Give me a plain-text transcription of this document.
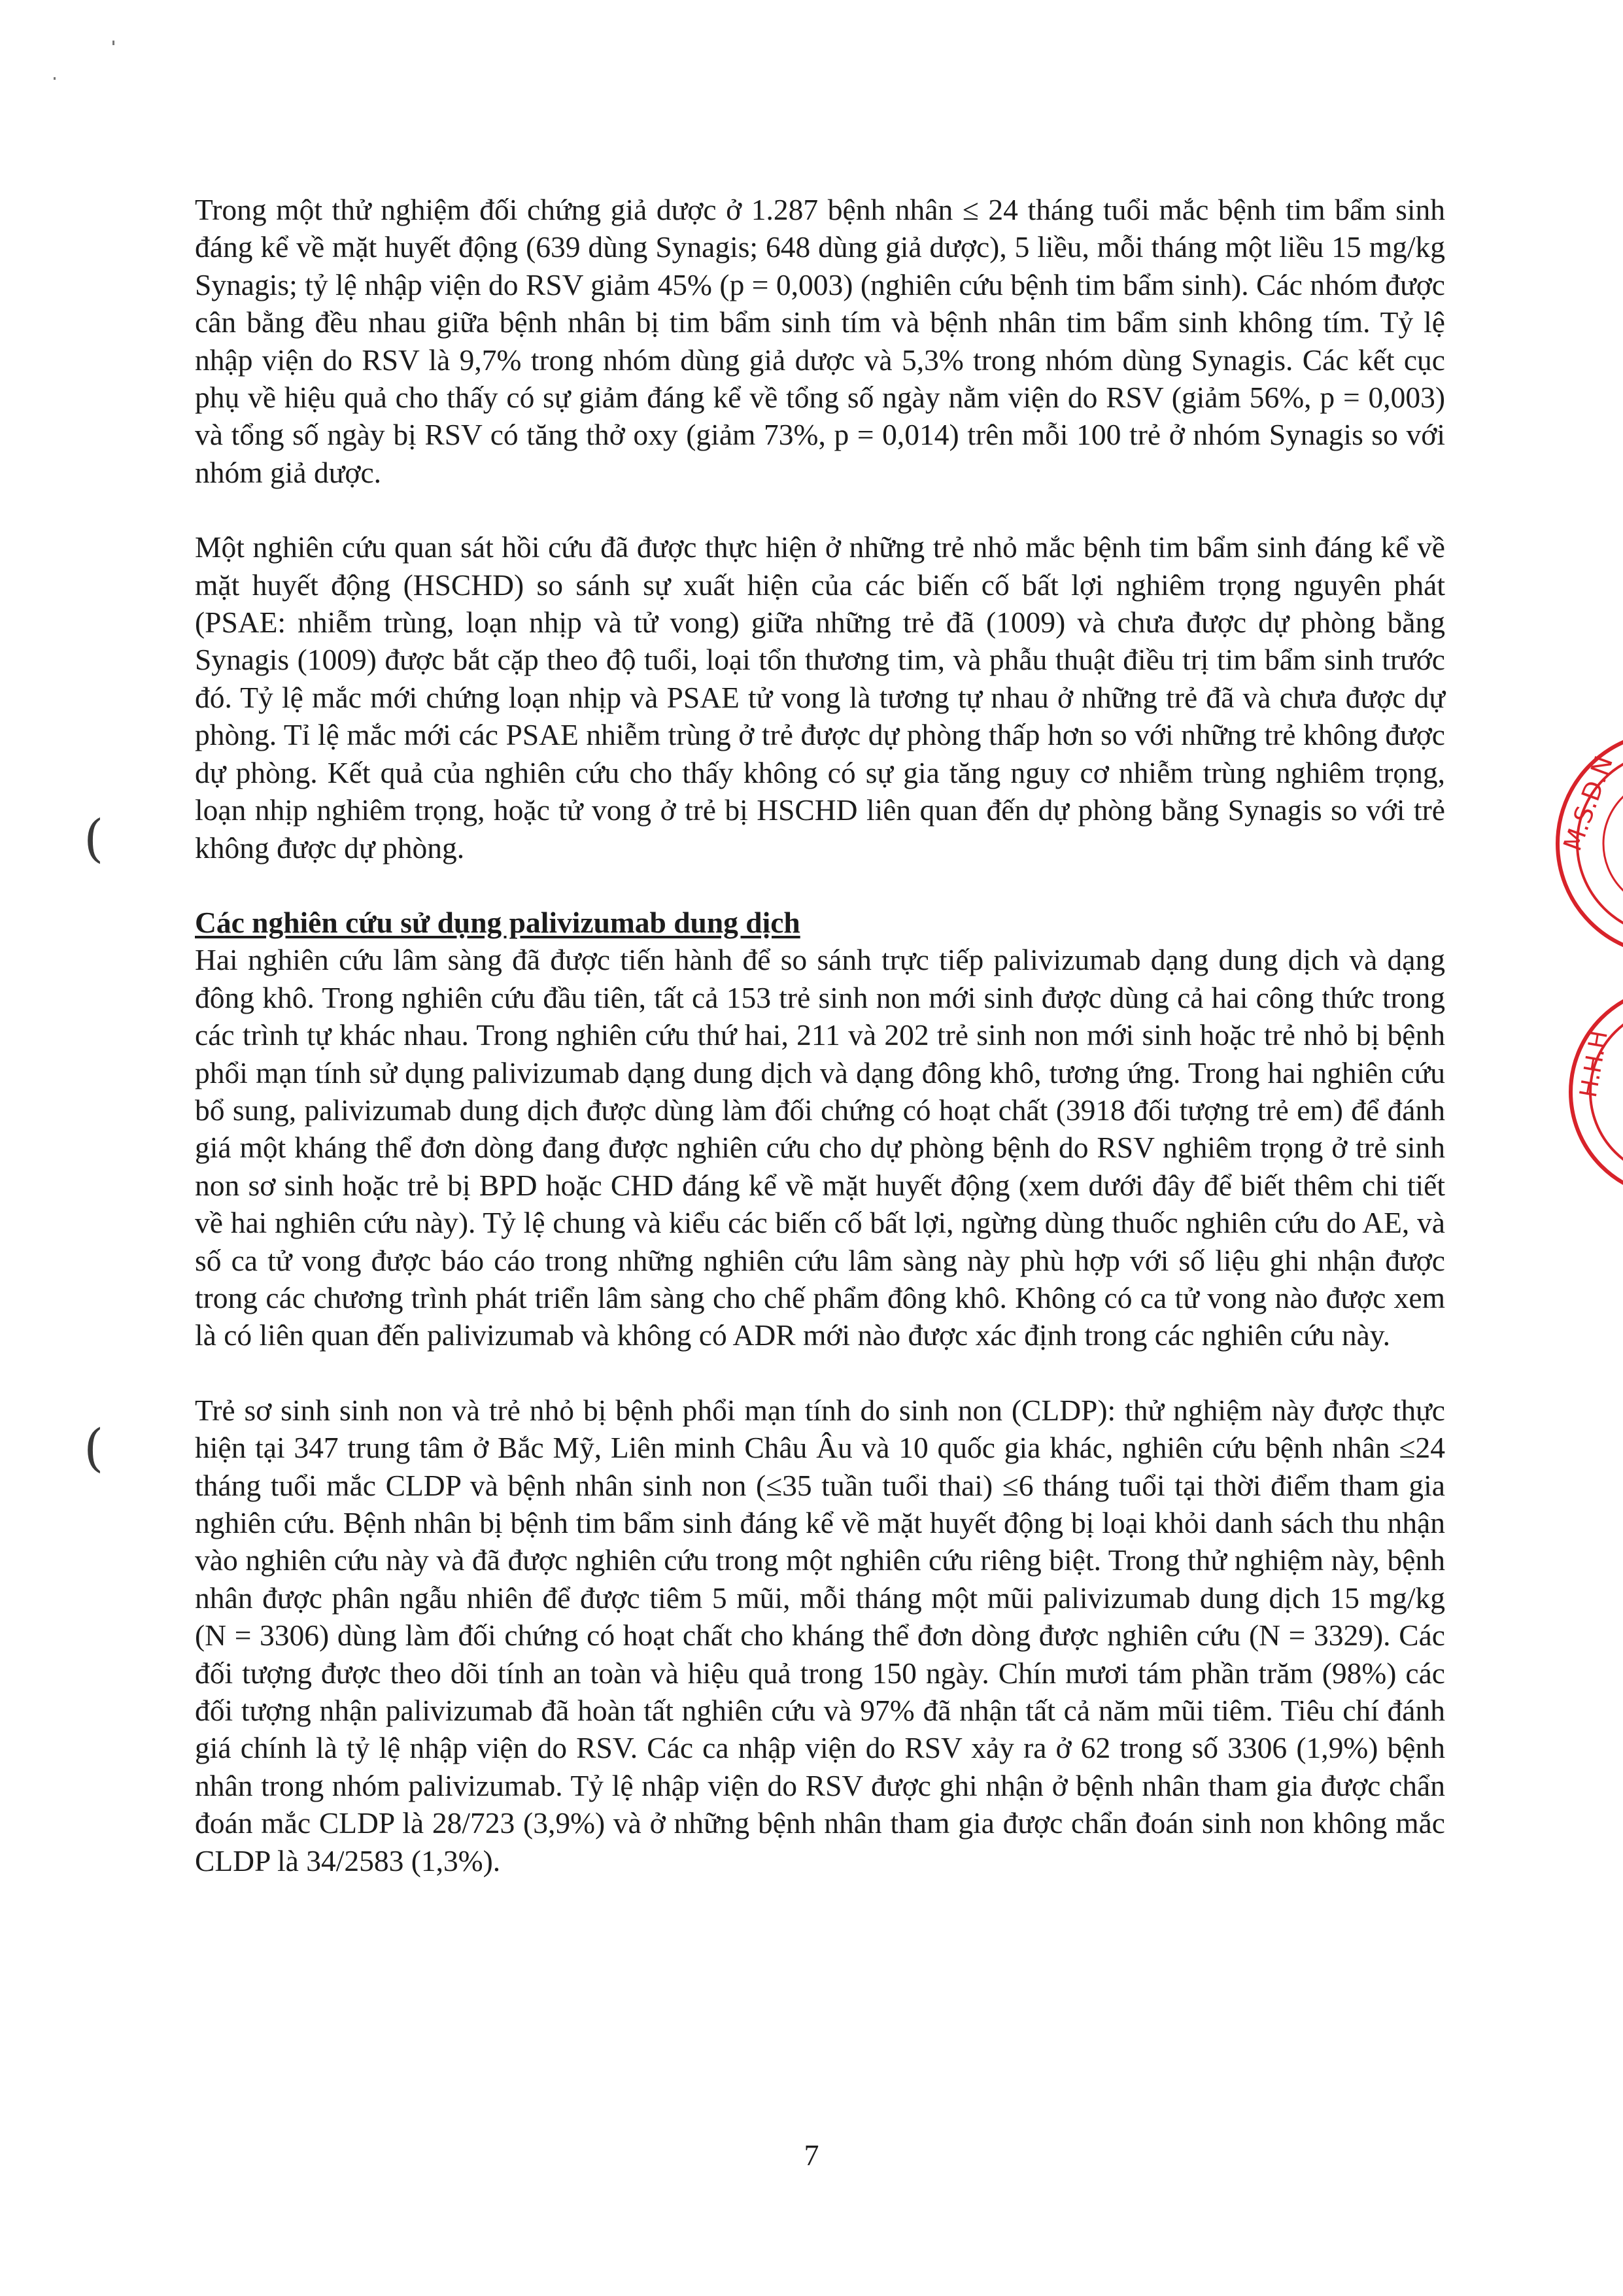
(
(
M.S.D.N
H.H.H

Trong một thử nghiệm đối chứng giả dược ở 1.287 bệnh nhân ≤ 24 tháng tuổi mắc bệnh tim bẩm sinh đáng kể về mặt huyết động (639 dùng Synagis; 648 dùng giả dược), 5 liều, mỗi tháng một liều 15 mg/kg Synagis; tỷ lệ nhập viện do RSV giảm 45% (p = 0,003) (nghiên cứu bệnh tim bẩm sinh). Các nhóm được cân bằng đều nhau giữa bệnh nhân bị tim bẩm sinh tím và bệnh nhân tim bẩm sinh không tím. Tỷ lệ nhập viện do RSV là 9,7% trong nhóm dùng giả dược và 5,3% trong nhóm dùng Synagis. Các kết cục phụ về hiệu quả cho thấy có sự giảm đáng kể về tổng số ngày nằm viện do RSV (giảm 56%, p = 0,003) và tổng số ngày bị RSV có tăng thở oxy (giảm 73%, p = 0,014) trên mỗi 100 trẻ ở nhóm Synagis so với nhóm giả dược.

Một nghiên cứu quan sát hồi cứu đã được thực hiện ở những trẻ nhỏ mắc bệnh tim bẩm sinh đáng kể về mặt huyết động (HSCHD) so sánh sự xuất hiện của các biến cố bất lợi nghiêm trọng nguyên phát (PSAE: nhiễm trùng, loạn nhịp và tử vong) giữa những trẻ đã (1009) và chưa được dự phòng bằng Synagis (1009) được bắt cặp theo độ tuổi, loại tổn thương tim, và phẫu thuật điều trị tim bẩm sinh trước đó. Tỷ lệ mắc mới chứng loạn nhịp và PSAE tử vong là tương tự nhau ở những trẻ đã và chưa được dự phòng. Tỉ lệ mắc mới các PSAE nhiễm trùng ở trẻ được dự phòng thấp hơn so với những trẻ không được dự phòng. Kết quả của nghiên cứu cho thấy không có sự gia tăng nguy cơ nhiễm trùng nghiêm trọng, loạn nhịp nghiêm trọng, hoặc tử vong ở trẻ bị HSCHD liên quan đến dự phòng bằng Synagis so với trẻ không được dự phòng.

Các nghiên cứu sử dụng palivizumab dung dịch

Hai nghiên cứu lâm sàng đã được tiến hành để so sánh trực tiếp palivizumab dạng dung dịch và dạng đông khô. Trong nghiên cứu đầu tiên, tất cả 153 trẻ sinh non mới sinh được dùng cả hai công thức trong các trình tự khác nhau. Trong nghiên cứu thứ hai, 211 và 202 trẻ sinh non mới sinh hoặc trẻ nhỏ bị bệnh phổi mạn tính sử dụng palivizumab dạng dung dịch và dạng đông khô, tương ứng. Trong hai nghiên cứu bổ sung, palivizumab dung dịch được dùng làm đối chứng có hoạt chất (3918 đối tượng trẻ em) để đánh giá một kháng thể đơn dòng đang được nghiên cứu cho dự phòng bệnh do RSV nghiêm trọng ở trẻ sinh non sơ sinh hoặc trẻ bị BPD hoặc CHD đáng kể về mặt huyết động (xem dưới đây để biết thêm chi tiết về hai nghiên cứu này). Tỷ lệ chung và kiểu các biến cố bất lợi, ngừng dùng thuốc nghiên cứu do AE, và số ca tử vong được báo cáo trong những nghiên cứu lâm sàng này phù hợp với số liệu ghi nhận được trong các chương trình phát triển lâm sàng cho chế phẩm đông khô. Không có ca tử vong nào được xem là có liên quan đến palivizumab và không có ADR mới nào được xác định trong các nghiên cứu này.

Trẻ sơ sinh sinh non và trẻ nhỏ bị bệnh phổi mạn tính do sinh non (CLDP): thử nghiệm này được thực hiện tại 347 trung tâm ở Bắc Mỹ, Liên minh Châu Âu và 10 quốc gia khác, nghiên cứu bệnh nhân ≤24 tháng tuổi mắc CLDP và bệnh nhân sinh non (≤35 tuần tuổi thai) ≤6 tháng tuổi tại thời điểm tham gia nghiên cứu. Bệnh nhân bị bệnh tim bẩm sinh đáng kể về mặt huyết động bị loại khỏi danh sách thu nhận vào nghiên cứu này và đã được nghiên cứu trong một nghiên cứu riêng biệt. Trong thử nghiệm này, bệnh nhân được phân ngẫu nhiên để được tiêm 5 mũi, mỗi tháng một mũi palivizumab dung dịch 15 mg/kg (N = 3306) dùng làm đối chứng có hoạt chất cho kháng thể đơn dòng được nghiên cứu (N = 3329). Các đối tượng được theo dõi tính an toàn và hiệu quả trong 150 ngày. Chín mươi tám phần trăm (98%) các đối tượng nhận palivizumab đã hoàn tất nghiên cứu và 97% đã nhận tất cả năm mũi tiêm. Tiêu chí đánh giá chính là tỷ lệ nhập viện do RSV. Các ca nhập viện do RSV xảy ra ở 62 trong số 3306 (1,9%) bệnh nhân trong nhóm palivizumab. Tỷ lệ nhập viện do RSV được ghi nhận ở bệnh nhân tham gia được chẩn đoán mắc CLDP là 28/723 (3,9%) và ở những bệnh nhân tham gia được chẩn đoán sinh non không mắc CLDP là 34/2583 (1,3%).

7
